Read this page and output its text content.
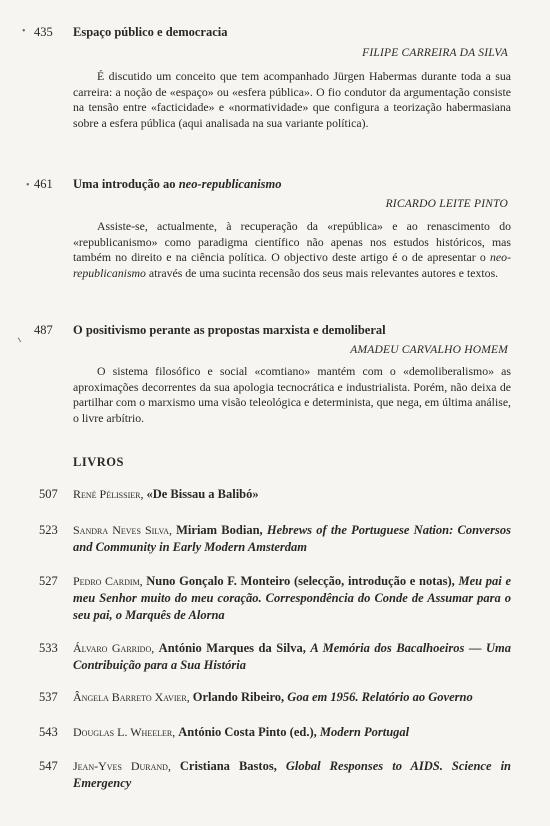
• 435	Espaço público e democracia
FILIPE CARREIRA DA SILVA
É discutido um conceito que tem acompanhado Jürgen Habermas durante toda a sua carreira: a noção de «espaço» ou «esfera pública». O fio condutor da argumentação consiste na tensão entre «facticidade» e «normatividade» que configura a teorização habermasiana sobre a esfera pública (aqui analisada na sua variante política).
• 461	Uma introdução ao neo-republicanismo
RICARDO LEITE PINTO
Assiste-se, actualmente, à recuperação da «república» e ao renascimento do «republicanismo» como paradigma científico não apenas nos estudos históricos, mas também no direito e na ciência política. O objectivo deste artigo é o de apresentar o neo-republicanismo através de uma sucinta recensão dos seus mais relevantes autores e textos.
ı
487	O positivismo perante as propostas marxista e demoliberal
AMADEU CARVALHO HOMEM
O sistema filosófico e social «comtiano» mantém com o «demoliberalismo» as aproximações decorrentes da sua apologia tecnocrática e industrialista. Porém, não deixa de partilhar com o marxismo uma visão teleológica e determinista, que nega, em última análise, o livre arbítrio.
LIVROS
507 René Pélissier, «De Bissau a Balibó»
523 Sandra Neves Silva, Miriam Bodian, Hebrews of the Portuguese Nation: Conversos and Community in Early Modern Amsterdam
527 Pedro Cardim, Nuno Gonçalo F. Monteiro (selecção, introdução e notas), Meu pai e meu Senhor muito do meu coração. Correspondência do Conde de Assumar para o seu pai, o Marquês de Alorna
533 Álvaro Garrido, António Marques da Silva, A Memória dos Bacalhoeiros — Uma Contribuição para a Sua História
537 Ângela Barreto Xavier, Orlando Ribeiro, Goa em 1956. Relatório ao Governo
543 Douglas L. Wheeler, António Costa Pinto (ed.), Modern Portugal
547 Jean-Yves Durand, Cristiana Bastos, Global Responses to AIDS. Science in Emergency
